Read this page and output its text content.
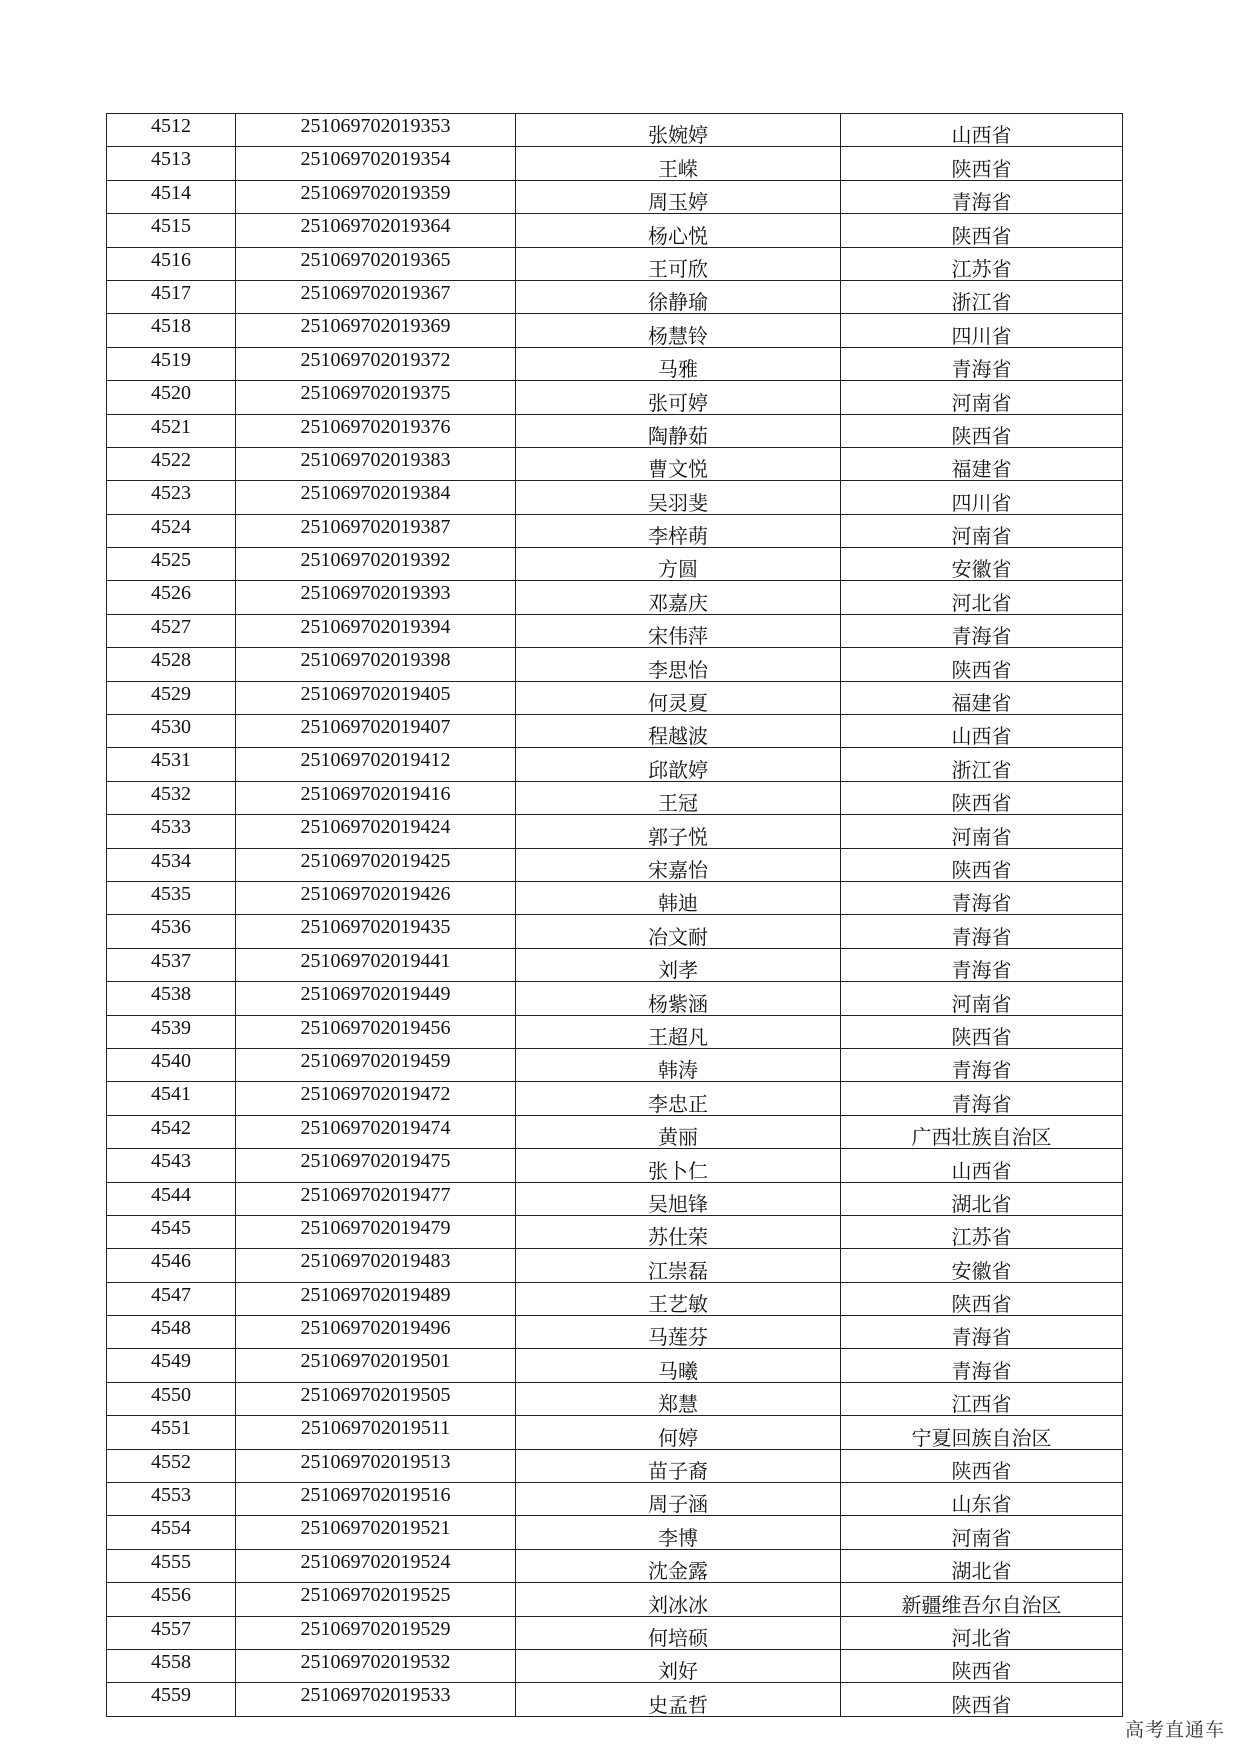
4512	251069702019353	张婉婷	山西省
4513	251069702019354	王嵘	陕西省
4514	251069702019359	周玉婷	青海省
4515	251069702019364	杨心悦	陕西省
4516	251069702019365	王可欣	江苏省
4517	251069702019367	徐静瑜	浙江省
4518	251069702019369	杨慧铃	四川省
4519	251069702019372	马雅	青海省
4520	251069702019375	张可婷	河南省
4521	251069702019376	陶静茹	陕西省
4522	251069702019383	曹文悦	福建省
4523	251069702019384	吴羽斐	四川省
4524	251069702019387	李梓萌	河南省
4525	251069702019392	方圆	安徽省
4526	251069702019393	邓嘉庆	河北省
4527	251069702019394	宋伟萍	青海省
4528	251069702019398	李思怡	陕西省
4529	251069702019405	何灵夏	福建省
4530	251069702019407	程越波	山西省
4531	251069702019412	邱歆婷	浙江省
4532	251069702019416	王冠	陕西省
4533	251069702019424	郭子悦	河南省
4534	251069702019425	宋嘉怡	陕西省
4535	251069702019426	韩迪	青海省
4536	251069702019435	冶文耐	青海省
4537	251069702019441	刘孝	青海省
4538	251069702019449	杨紫涵	河南省
4539	251069702019456	王超凡	陕西省
4540	251069702019459	韩涛	青海省
4541	251069702019472	李忠正	青海省
4542	251069702019474	黄丽	广西壮族自治区
4543	251069702019475	张卜仁	山西省
4544	251069702019477	吴旭锋	湖北省
4545	251069702019479	苏仕荣	江苏省
4546	251069702019483	江崇磊	安徽省
4547	251069702019489	王艺敏	陕西省
4548	251069702019496	马莲芬	青海省
4549	251069702019501	马曦	青海省
4550	251069702019505	郑慧	江西省
4551	251069702019511	何婷	宁夏回族自治区
4552	251069702019513	苗子裔	陕西省
4553	251069702019516	周子涵	山东省
4554	251069702019521	李博	河南省
4555	251069702019524	沈金露	湖北省
4556	251069702019525	刘冰冰	新疆维吾尔自治区
4557	251069702019529	何培硕	河北省
4558	251069702019532	刘好	陕西省
4559	251069702019533	史孟哲	陕西省
高考直通车
